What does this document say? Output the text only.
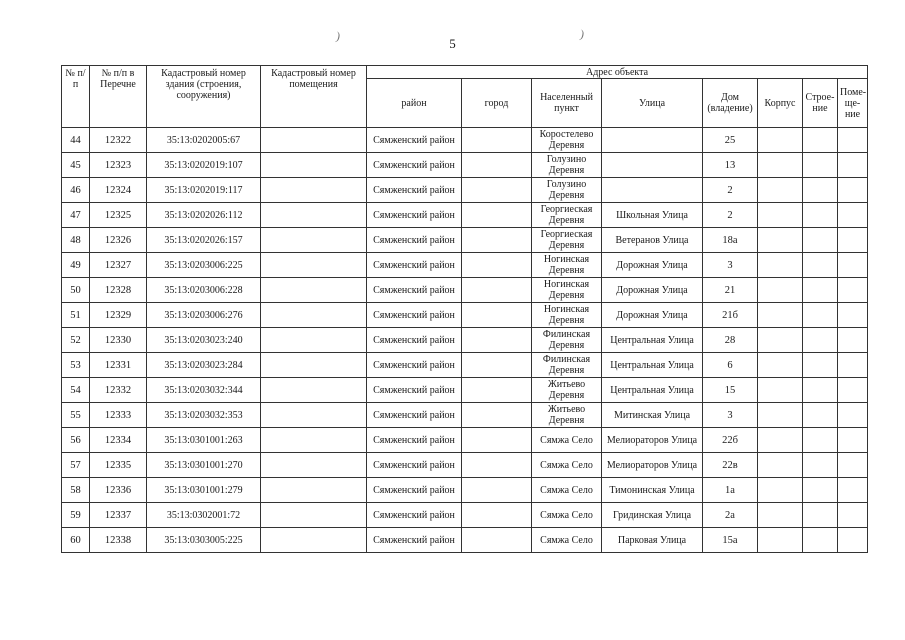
5
)	)
№ п/п	№ п/п в Перечне	Кадастровый номер здания (строения, сооружения)	Кадастровый номер помещения	Адрес объекта							
				район	город	Населенный пункт	Улица	Дом (владение)	Корпус	Строе-ние	Поме-ще-ние
44	12322	35:13:0202005:67		Сямженский район		Коростелево Деревня		25			
45	12323	35:13:0202019:107		Сямженский район		Голузино Деревня		13			
46	12324	35:13:0202019:117		Сямженский район		Голузино Деревня		2			
47	12325	35:13:0202026:112		Сямженский район		Георгиеская Деревня	Школьная Улица	2			
48	12326	35:13:0202026:157		Сямженский район		Георгиеская Деревня	Ветеранов Улица	18а			
49	12327	35:13:0203006:225		Сямженский район		Ногинская Деревня	Дорожная Улица	3			
50	12328	35:13:0203006:228		Сямженский район		Ногинская Деревня	Дорожная Улица	21			
51	12329	35:13:0203006:276		Сямженский район		Ногинская Деревня	Дорожная Улица	21б			
52	12330	35:13:0203023:240		Сямженский район		Филинская Деревня	Центральная Улица	28			
53	12331	35:13:0203023:284		Сямженский район		Филинская Деревня	Центральная Улица	6			
54	12332	35:13:0203032:344		Сямженский район		Житьево Деревня	Центральная Улица	15			
55	12333	35:13:0203032:353		Сямженский район		Житьево Деревня	Митинская Улица	3			
56	12334	35:13:0301001:263		Сямженский район		Сямжа Село	Мелиораторов Улица	22б			
57	12335	35:13:0301001:270		Сямженский район		Сямжа Село	Мелиораторов Улица	22в			
58	12336	35:13:0301001:279		Сямженский район		Сямжа Село	Тимонинская Улица	1а			
59	12337	35:13:0302001:72		Сямженский район		Сямжа Село	Гридинская Улица	2а			
60	12338	35:13:0303005:225		Сямженский район		Сямжа Село	Парковая Улица	15а			
